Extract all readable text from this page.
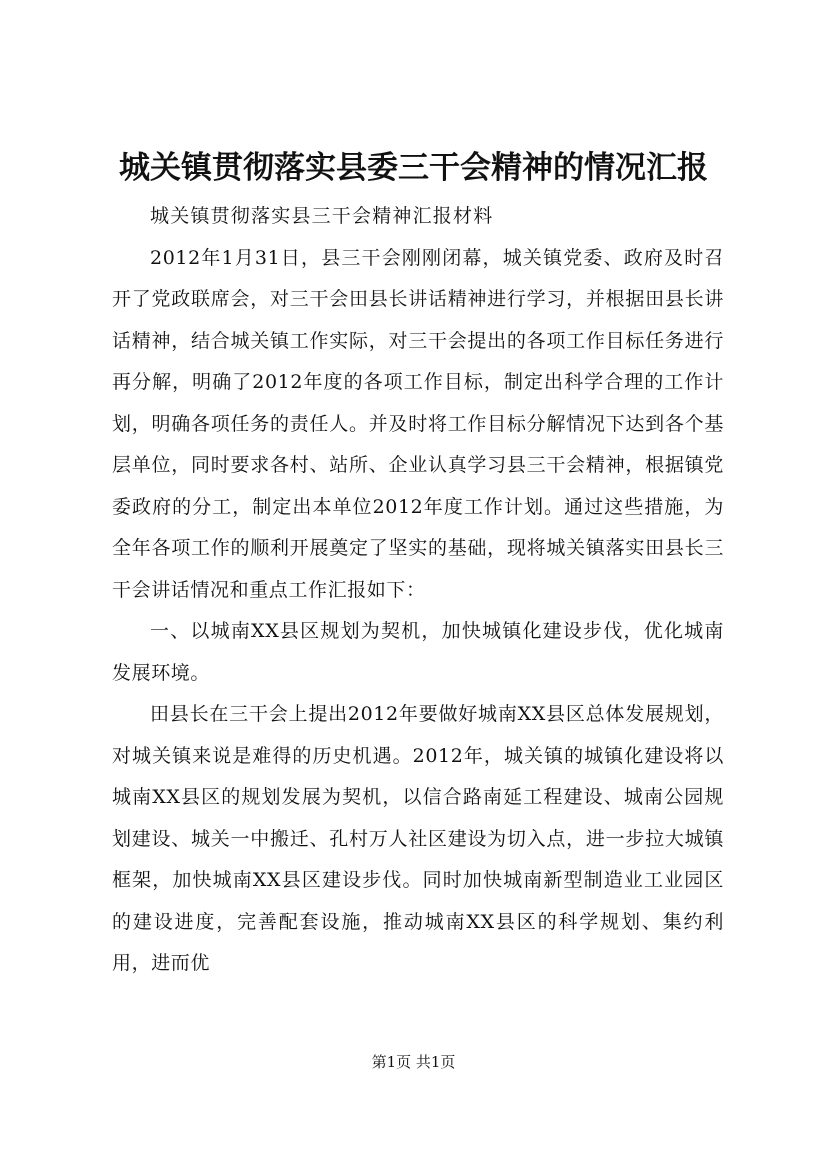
城关镇贯彻落实县委三干会精神的情况汇报

城关镇贯彻落实县三干会精神汇报材料

2012年1月31日，县三干会刚刚闭幕，城关镇党委、政府及时召开了党政联席会，对三干会田县长讲话精神进行学习，并根据田县长讲话精神，结合城关镇工作实际，对三干会提出的各项工作目标任务进行再分解，明确了2012年度的各项工作目标，制定出科学合理的工作计划，明确各项任务的责任人。并及时将工作目标分解情况下达到各个基层单位，同时要求各村、站所、企业认真学习县三干会精神，根据镇党委政府的分工，制定出本单位2012年度工作计划。通过这些措施，为全年各项工作的顺利开展奠定了坚实的基础，现将城关镇落实田县长三干会讲话情况和重点工作汇报如下：

一、以城南XX县区规划为契机，加快城镇化建设步伐，优化城南发展环境。

田县长在三干会上提出2012年要做好城南XX县区总体发展规划，对城关镇来说是难得的历史机遇。2012年，城关镇的城镇化建设将以城南XX县区的规划发展为契机，以信合路南延工程建设、城南公园规划建设、城关一中搬迁、孔村万人社区建设为切入点，进一步拉大城镇框架，加快城南XX县区建设步伐。同时加快城南新型制造业工业园区的建设进度，完善配套设施，推动城南XX县区的科学规划、集约利用，进而优

第1页 共1页
